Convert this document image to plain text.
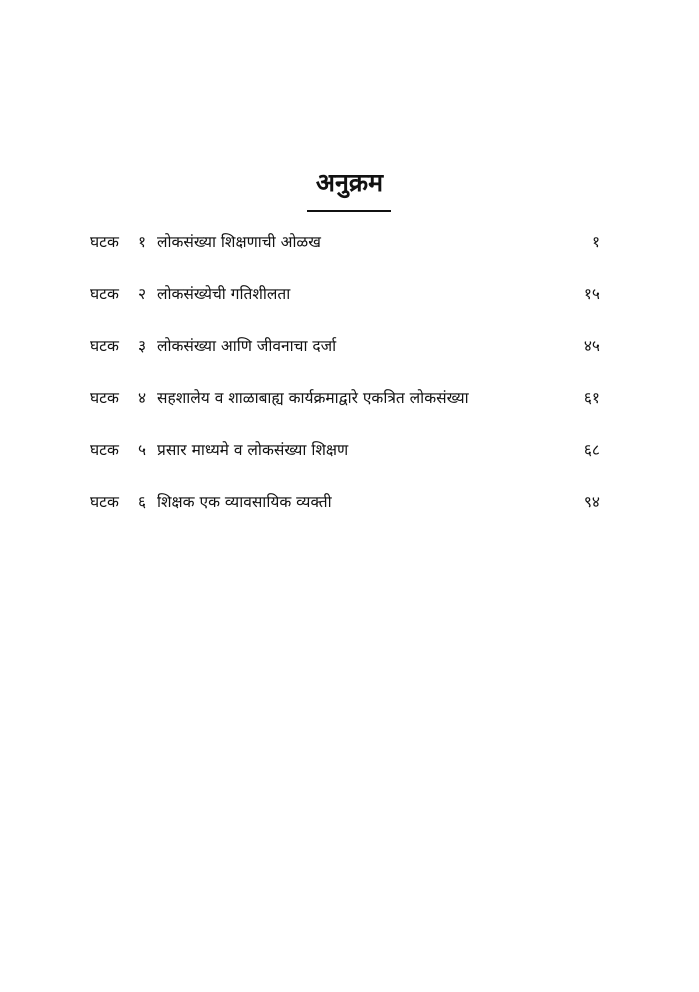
अनुक्रम
घटक १ लोकसंख्या शिक्षणाची ओळख	१
घटक २ लोकसंख्येची गतिशीलता	१५
घटक ३ लोकसंख्या आणि जीवनाचा दर्जा	४५
घटक ४ सहशालेय व शाळाबाह्य कार्यक्रमाद्वारे एकत्रित लोकसंख्या	६१
घटक ५ प्रसार माध्यमे व लोकसंख्या शिक्षण	६८
घटक ६ शिक्षक एक व्यावसायिक व्यक्ती	९४
